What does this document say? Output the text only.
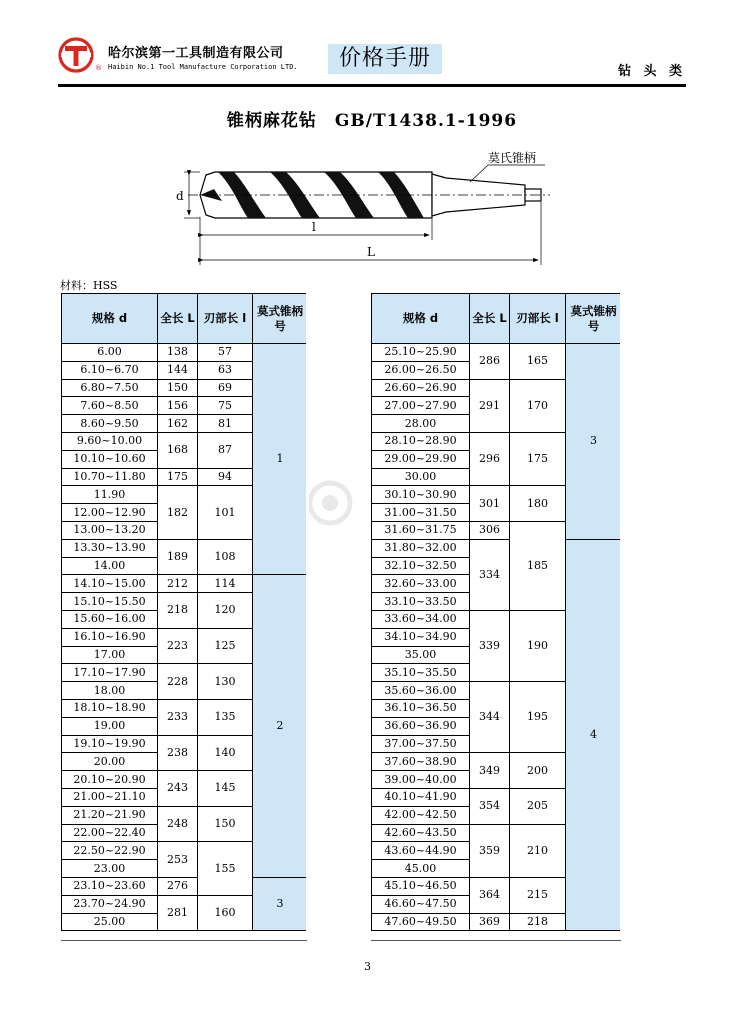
®
哈尔滨第一工具制造有限公司
Haibin No.1 Tool Manufacture Corporation LTD.	价格手册
钻 头 类
锥柄麻花钻　GB/T1438.1-1996
d
l
L
莫氏锥柄
材料：HSS
规格 d	全长 L	刃部长 l	莫式锥柄号
6.00	138	57	1
6.10~6.70	144	63	
6.80~7.50	150	69	
7.60~8.50	156	75	
8.60~9.50	162	81	
9.60~10.00	168	87	
10.10~10.60			
10.70~11.80	175	94	
11.90	182	101	
12.00~12.90			
13.00~13.20			
13.30~13.90	189	108	
14.00			
14.10~15.00	212	114	2
15.10~15.50	218	120	
15.60~16.00			
16.10~16.90	223	125	
17.00			
17.10~17.90	228	130	
18.00			
18.10~18.90	233	135	
19.00			
19.10~19.90	238	140	
20.00			
20.10~20.90	243	145	
21.00~21.10			
21.20~21.90	248	150	
22.00~22.40			
22.50~22.90	253	155	
23.00			
23.10~23.60	276		3
23.70~24.90	281	160	
25.00			
规格 d	全长 L	刃部长 l	莫式锥柄号
25.10~25.90	286	165	3
26.00~26.50			
26.60~26.90	291	170	
27.00~27.90			
28.00			
28.10~28.90	296	175	
29.00~29.90			
30.00			
30.10~30.90	301	180	
31.00~31.50			
31.60~31.75	306	185	
31.80~32.00	334		4
32.10~32.50			
32.60~33.00			
33.10~33.50			
33.60~34.00	339	190	
34.10~34.90			
35.00			
35.10~35.50			
35.60~36.00	344	195	
36.10~36.50			
36.60~36.90			
37.00~37.50			
37.60~38.90	349	200	
39.00~40.00			
40.10~41.90	354	205	
42.00~42.50			
42.60~43.50	359	210	
43.60~44.90			
45.00			
45.10~46.50	364	215	
46.60~47.50			
47.60~49.50	369	218	
3
